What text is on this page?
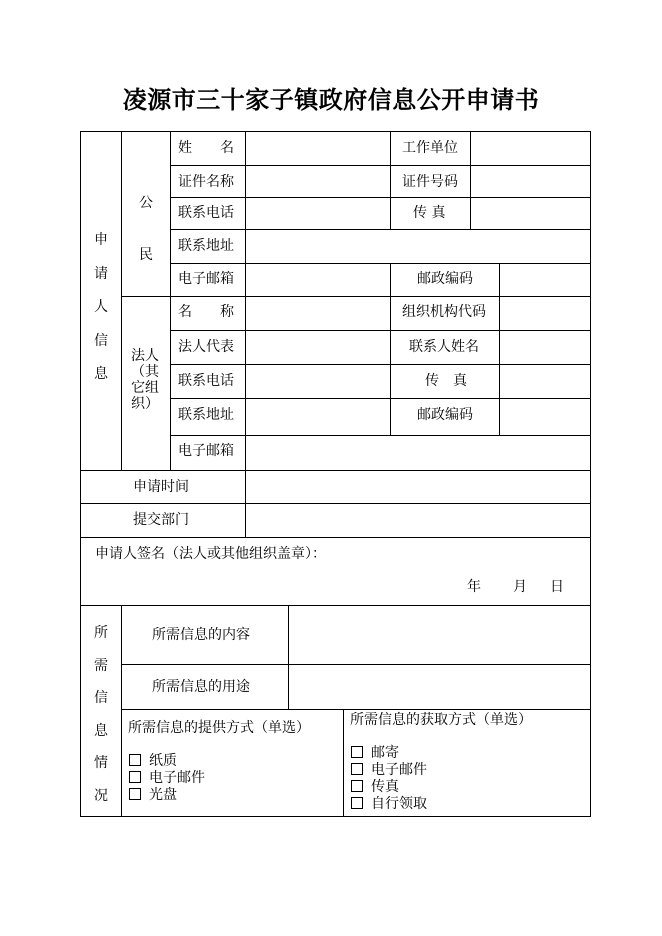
凌源市三十家子镇政府信息公开申请书
申
请
人
信
息
公
民
姓　　名	工作单位
证件名称	证件号码
联系电话	传 真
联系地址
电子邮箱	邮政编码
法人
（其
它组
织）
名　　称	组织机构代码
法人代表	联系人姓名
联系电话	传　真
联系地址	邮政编码
电子邮箱
申请时间
提交部门
申请人签名（法人或其他组织盖章）：
年 月 日
所
需
信
息
情
况
所需信息的内容
所需信息的用途
所需信息的提供方式（单选）
纸质
电子邮件
光盘
所需信息的获取方式（单选）
邮寄
电子邮件
传真
自行领取
